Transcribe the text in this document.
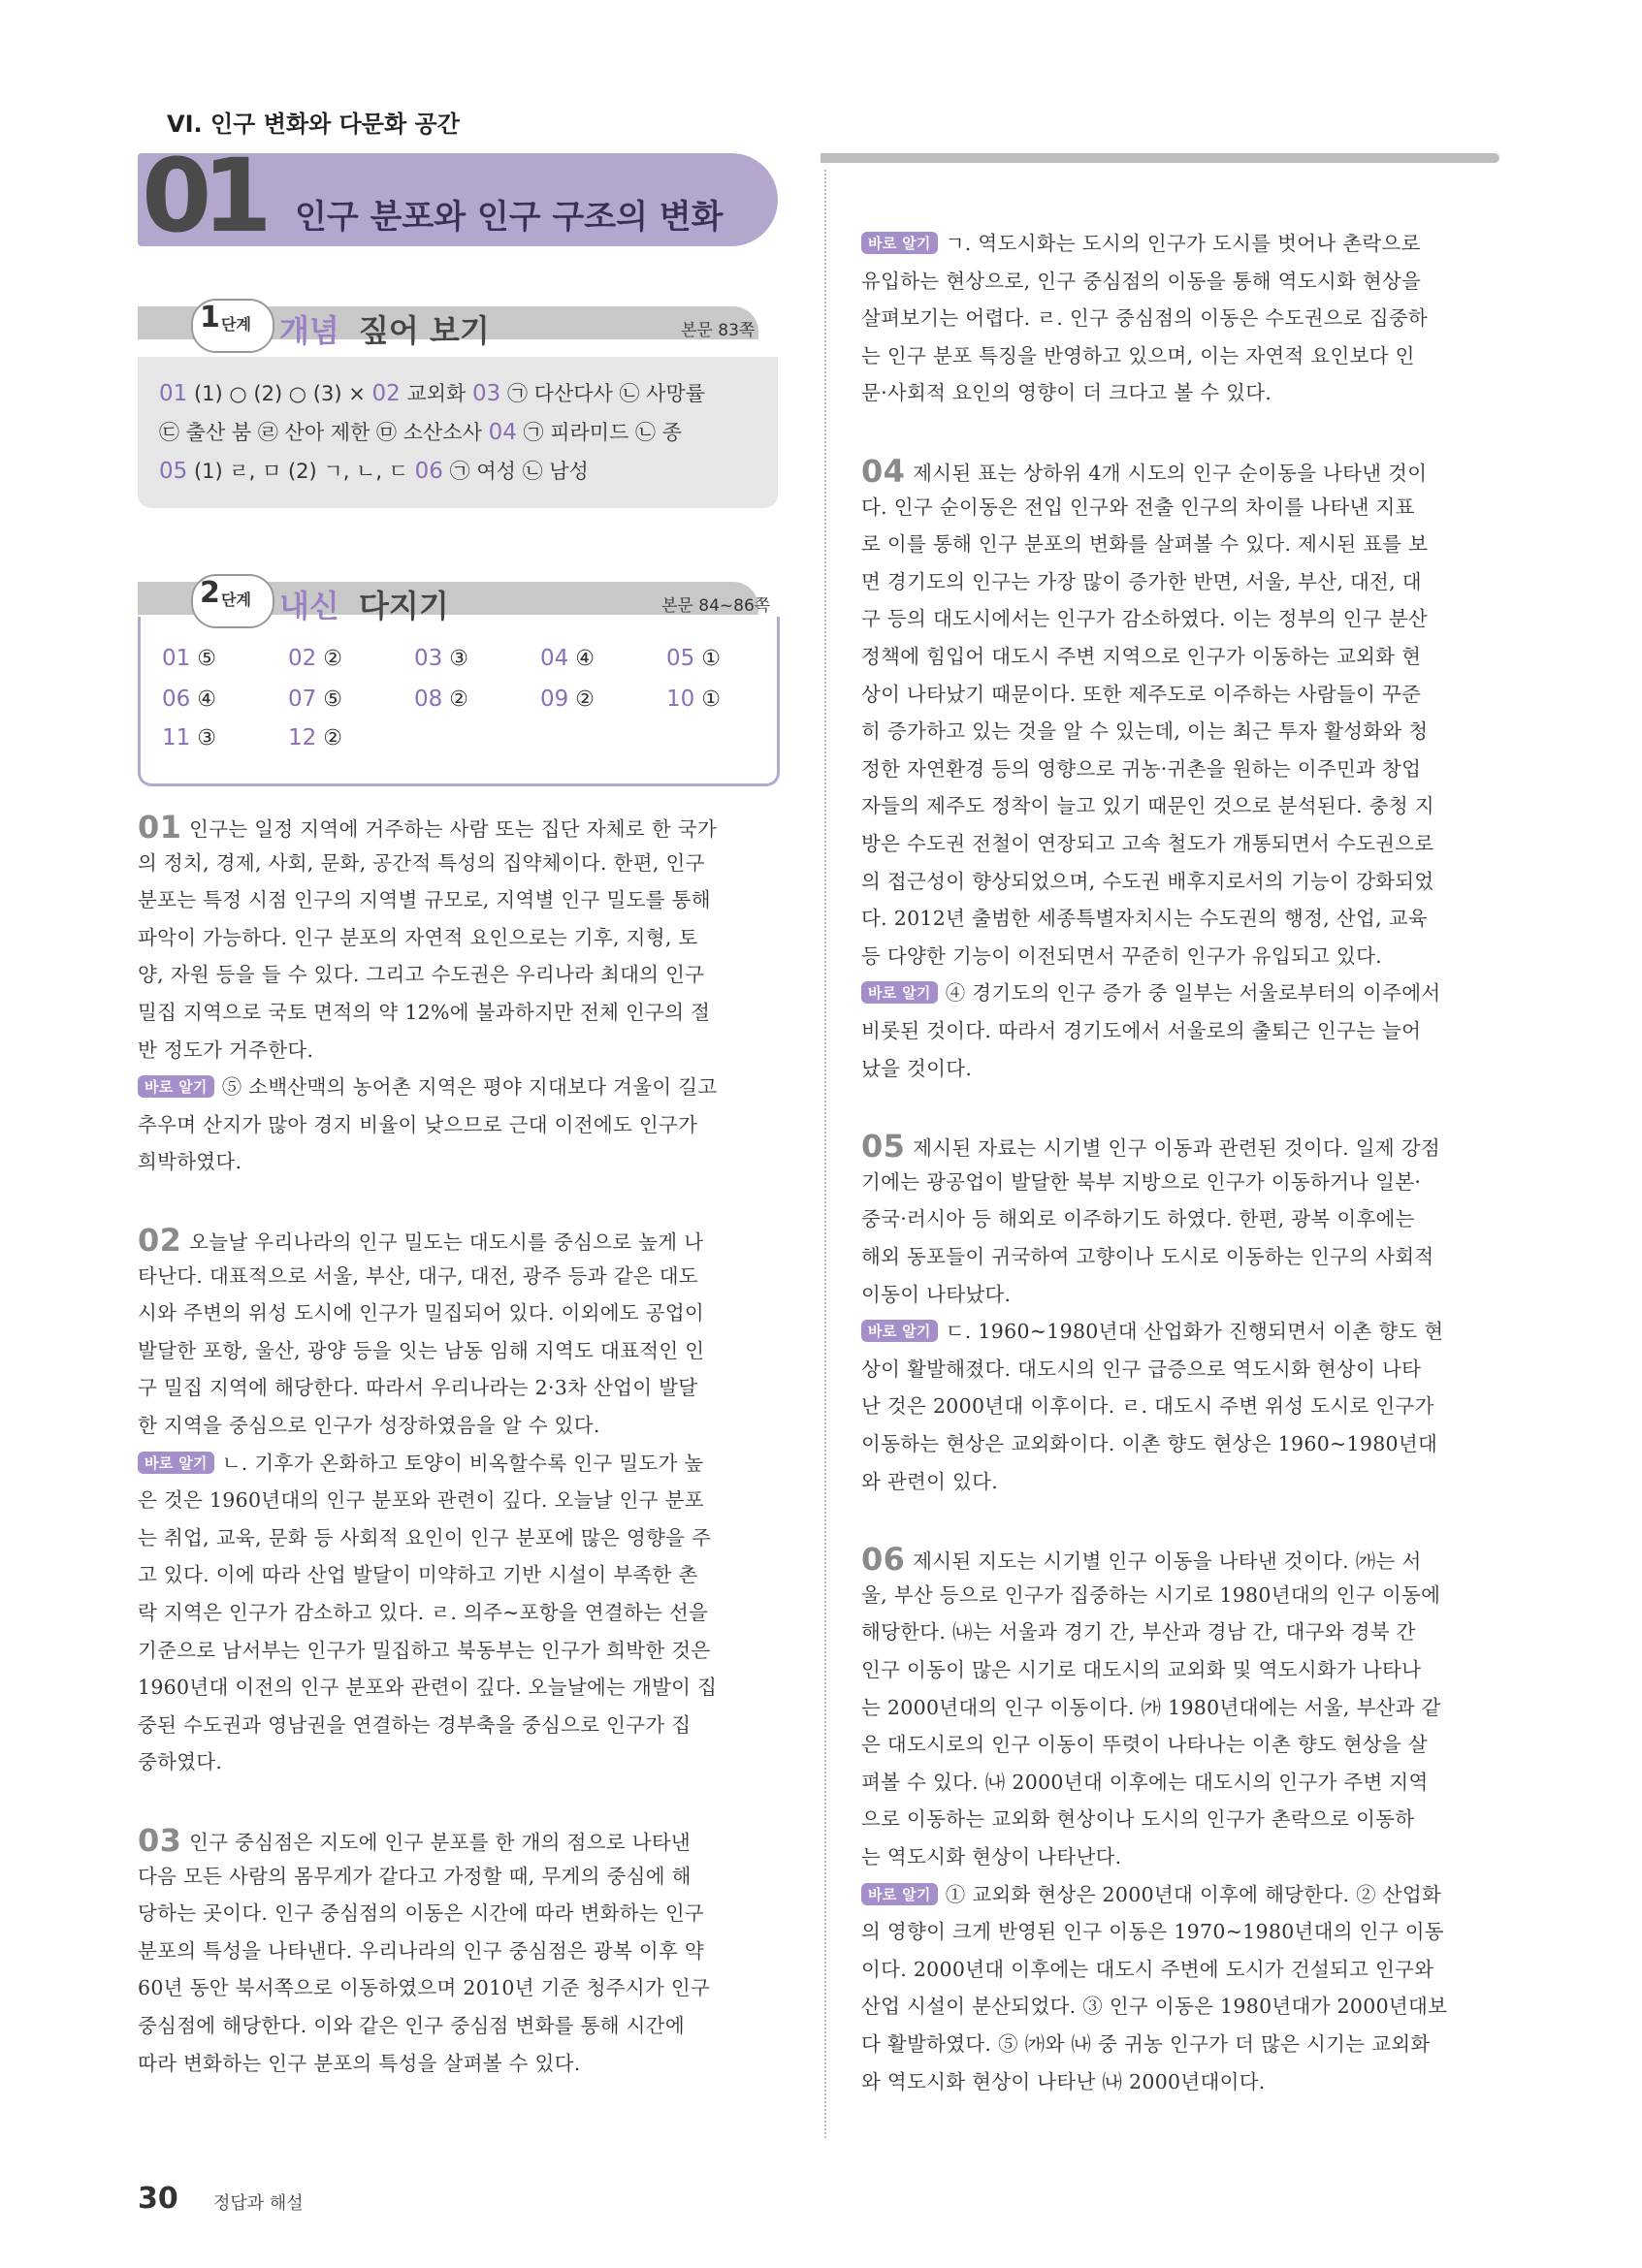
VI. 인구 변화와 다문화 공간
01 인구 분포와 인구 구조의 변화
1 단계 개념 짚어 보기	본문 83쪽
01 (1) ○ (2) ○ (3) × 02 교외화 03 ㉠ 다산다사 ㉡ 사망률
㉢ 출산 붐 ㉣ 산아 제한 ㉤ 소산소사 04 ㉠ 피라미드 ㉡ 종
05 (1) ㄹ, ㅁ (2) ㄱ, ㄴ, ㄷ 06 ㉠ 여성 ㉡ 남성
2 단계 내신 다지기	본문 84~86쪽
01 ⑤	02 ②	03 ③	04 ④	05 ①
06 ④	07 ⑤	08 ②	09 ②	10 ①
11 ③	12 ②
01 인구는 일정 지역에 거주하는 사람 또는 집단 자체로 한 국가
의 정치, 경제, 사회, 문화, 공간적 특성의 집약체이다. 한편, 인구
분포는 특정 시점 인구의 지역별 규모로, 지역별 인구 밀도를 통해
파악이 가능하다. 인구 분포의 자연적 요인으로는 기후, 지형, 토
양, 자원 등을 들 수 있다. 그리고 수도권은 우리나라 최대의 인구
밀집 지역으로 국토 면적의 약 12%에 불과하지만 전체 인구의 절
반 정도가 거주한다.
바로 알기 ⑤ 소백산맥의 농어촌 지역은 평야 지대보다 겨울이 길고
추우며 산지가 많아 경지 비율이 낮으므로 근대 이전에도 인구가
희박하였다.
02 오늘날 우리나라의 인구 밀도는 대도시를 중심으로 높게 나
타난다. 대표적으로 서울, 부산, 대구, 대전, 광주 등과 같은 대도
시와 주변의 위성 도시에 인구가 밀집되어 있다. 이외에도 공업이
발달한 포항, 울산, 광양 등을 잇는 남동 임해 지역도 대표적인 인
구 밀집 지역에 해당한다. 따라서 우리나라는 2·3차 산업이 발달
한 지역을 중심으로 인구가 성장하였음을 알 수 있다.
바로 알기 ㄴ. 기후가 온화하고 토양이 비옥할수록 인구 밀도가 높
은 것은 1960년대의 인구 분포와 관련이 깊다. 오늘날 인구 분포
는 취업, 교육, 문화 등 사회적 요인이 인구 분포에 많은 영향을 주
고 있다. 이에 따라 산업 발달이 미약하고 기반 시설이 부족한 촌
락 지역은 인구가 감소하고 있다. ㄹ. 의주~포항을 연결하는 선을
기준으로 남서부는 인구가 밀집하고 북동부는 인구가 희박한 것은
1960년대 이전의 인구 분포와 관련이 깊다. 오늘날에는 개발이 집
중된 수도권과 영남권을 연결하는 경부축을 중심으로 인구가 집
중하였다.
03 인구 중심점은 지도에 인구 분포를 한 개의 점으로 나타낸
다음 모든 사람의 몸무게가 같다고 가정할 때, 무게의 중심에 해
당하는 곳이다. 인구 중심점의 이동은 시간에 따라 변화하는 인구
분포의 특성을 나타낸다. 우리나라의 인구 중심점은 광복 이후 약
60년 동안 북서쪽으로 이동하였으며 2010년 기준 청주시가 인구
중심점에 해당한다. 이와 같은 인구 중심점 변화를 통해 시간에
따라 변화하는 인구 분포의 특성을 살펴볼 수 있다.
바로 알기 ㄱ. 역도시화는 도시의 인구가 도시를 벗어나 촌락으로
유입하는 현상으로, 인구 중심점의 이동을 통해 역도시화 현상을
살펴보기는 어렵다. ㄹ. 인구 중심점의 이동은 수도권으로 집중하
는 인구 분포 특징을 반영하고 있으며, 이는 자연적 요인보다 인
문·사회적 요인의 영향이 더 크다고 볼 수 있다.
04 제시된 표는 상하위 4개 시도의 인구 순이동을 나타낸 것이
다. 인구 순이동은 전입 인구와 전출 인구의 차이를 나타낸 지표
로 이를 통해 인구 분포의 변화를 살펴볼 수 있다. 제시된 표를 보
면 경기도의 인구는 가장 많이 증가한 반면, 서울, 부산, 대전, 대
구 등의 대도시에서는 인구가 감소하였다. 이는 정부의 인구 분산
정책에 힘입어 대도시 주변 지역으로 인구가 이동하는 교외화 현
상이 나타났기 때문이다. 또한 제주도로 이주하는 사람들이 꾸준
히 증가하고 있는 것을 알 수 있는데, 이는 최근 투자 활성화와 청
정한 자연환경 등의 영향으로 귀농·귀촌을 원하는 이주민과 창업
자들의 제주도 정착이 늘고 있기 때문인 것으로 분석된다. 충청 지
방은 수도권 전철이 연장되고 고속 철도가 개통되면서 수도권으로
의 접근성이 향상되었으며, 수도권 배후지로서의 기능이 강화되었
다. 2012년 출범한 세종특별자치시는 수도권의 행정, 산업, 교육
등 다양한 기능이 이전되면서 꾸준히 인구가 유입되고 있다.
바로 알기 ④ 경기도의 인구 증가 중 일부는 서울로부터의 이주에서
비롯된 것이다. 따라서 경기도에서 서울로의 출퇴근 인구는 늘어
났을 것이다.
05 제시된 자료는 시기별 인구 이동과 관련된 것이다. 일제 강점
기에는 광공업이 발달한 북부 지방으로 인구가 이동하거나 일본·
중국·러시아 등 해외로 이주하기도 하였다. 한편, 광복 이후에는
해외 동포들이 귀국하여 고향이나 도시로 이동하는 인구의 사회적
이동이 나타났다.
바로 알기 ㄷ. 1960~1980년대 산업화가 진행되면서 이촌 향도 현
상이 활발해졌다. 대도시의 인구 급증으로 역도시화 현상이 나타
난 것은 2000년대 이후이다. ㄹ. 대도시 주변 위성 도시로 인구가
이동하는 현상은 교외화이다. 이촌 향도 현상은 1960~1980년대
와 관련이 있다.
06 제시된 지도는 시기별 인구 이동을 나타낸 것이다. ㈎는 서
울, 부산 등으로 인구가 집중하는 시기로 1980년대의 인구 이동에
해당한다. ㈏는 서울과 경기 간, 부산과 경남 간, 대구와 경북 간
인구 이동이 많은 시기로 대도시의 교외화 및 역도시화가 나타나
는 2000년대의 인구 이동이다. ㈎ 1980년대에는 서울, 부산과 같
은 대도시로의 인구 이동이 뚜렷이 나타나는 이촌 향도 현상을 살
펴볼 수 있다. ㈏ 2000년대 이후에는 대도시의 인구가 주변 지역
으로 이동하는 교외화 현상이나 도시의 인구가 촌락으로 이동하
는 역도시화 현상이 나타난다.
바로 알기 ① 교외화 현상은 2000년대 이후에 해당한다. ② 산업화
의 영향이 크게 반영된 인구 이동은 1970~1980년대의 인구 이동
이다. 2000년대 이후에는 대도시 주변에 도시가 건설되고 인구와
산업 시설이 분산되었다. ③ 인구 이동은 1980년대가 2000년대보
다 활발하였다. ⑤ ㈎와 ㈏ 중 귀농 인구가 더 많은 시기는 교외화
와 역도시화 현상이 나타난 ㈏ 2000년대이다.
30 정답과 해설
